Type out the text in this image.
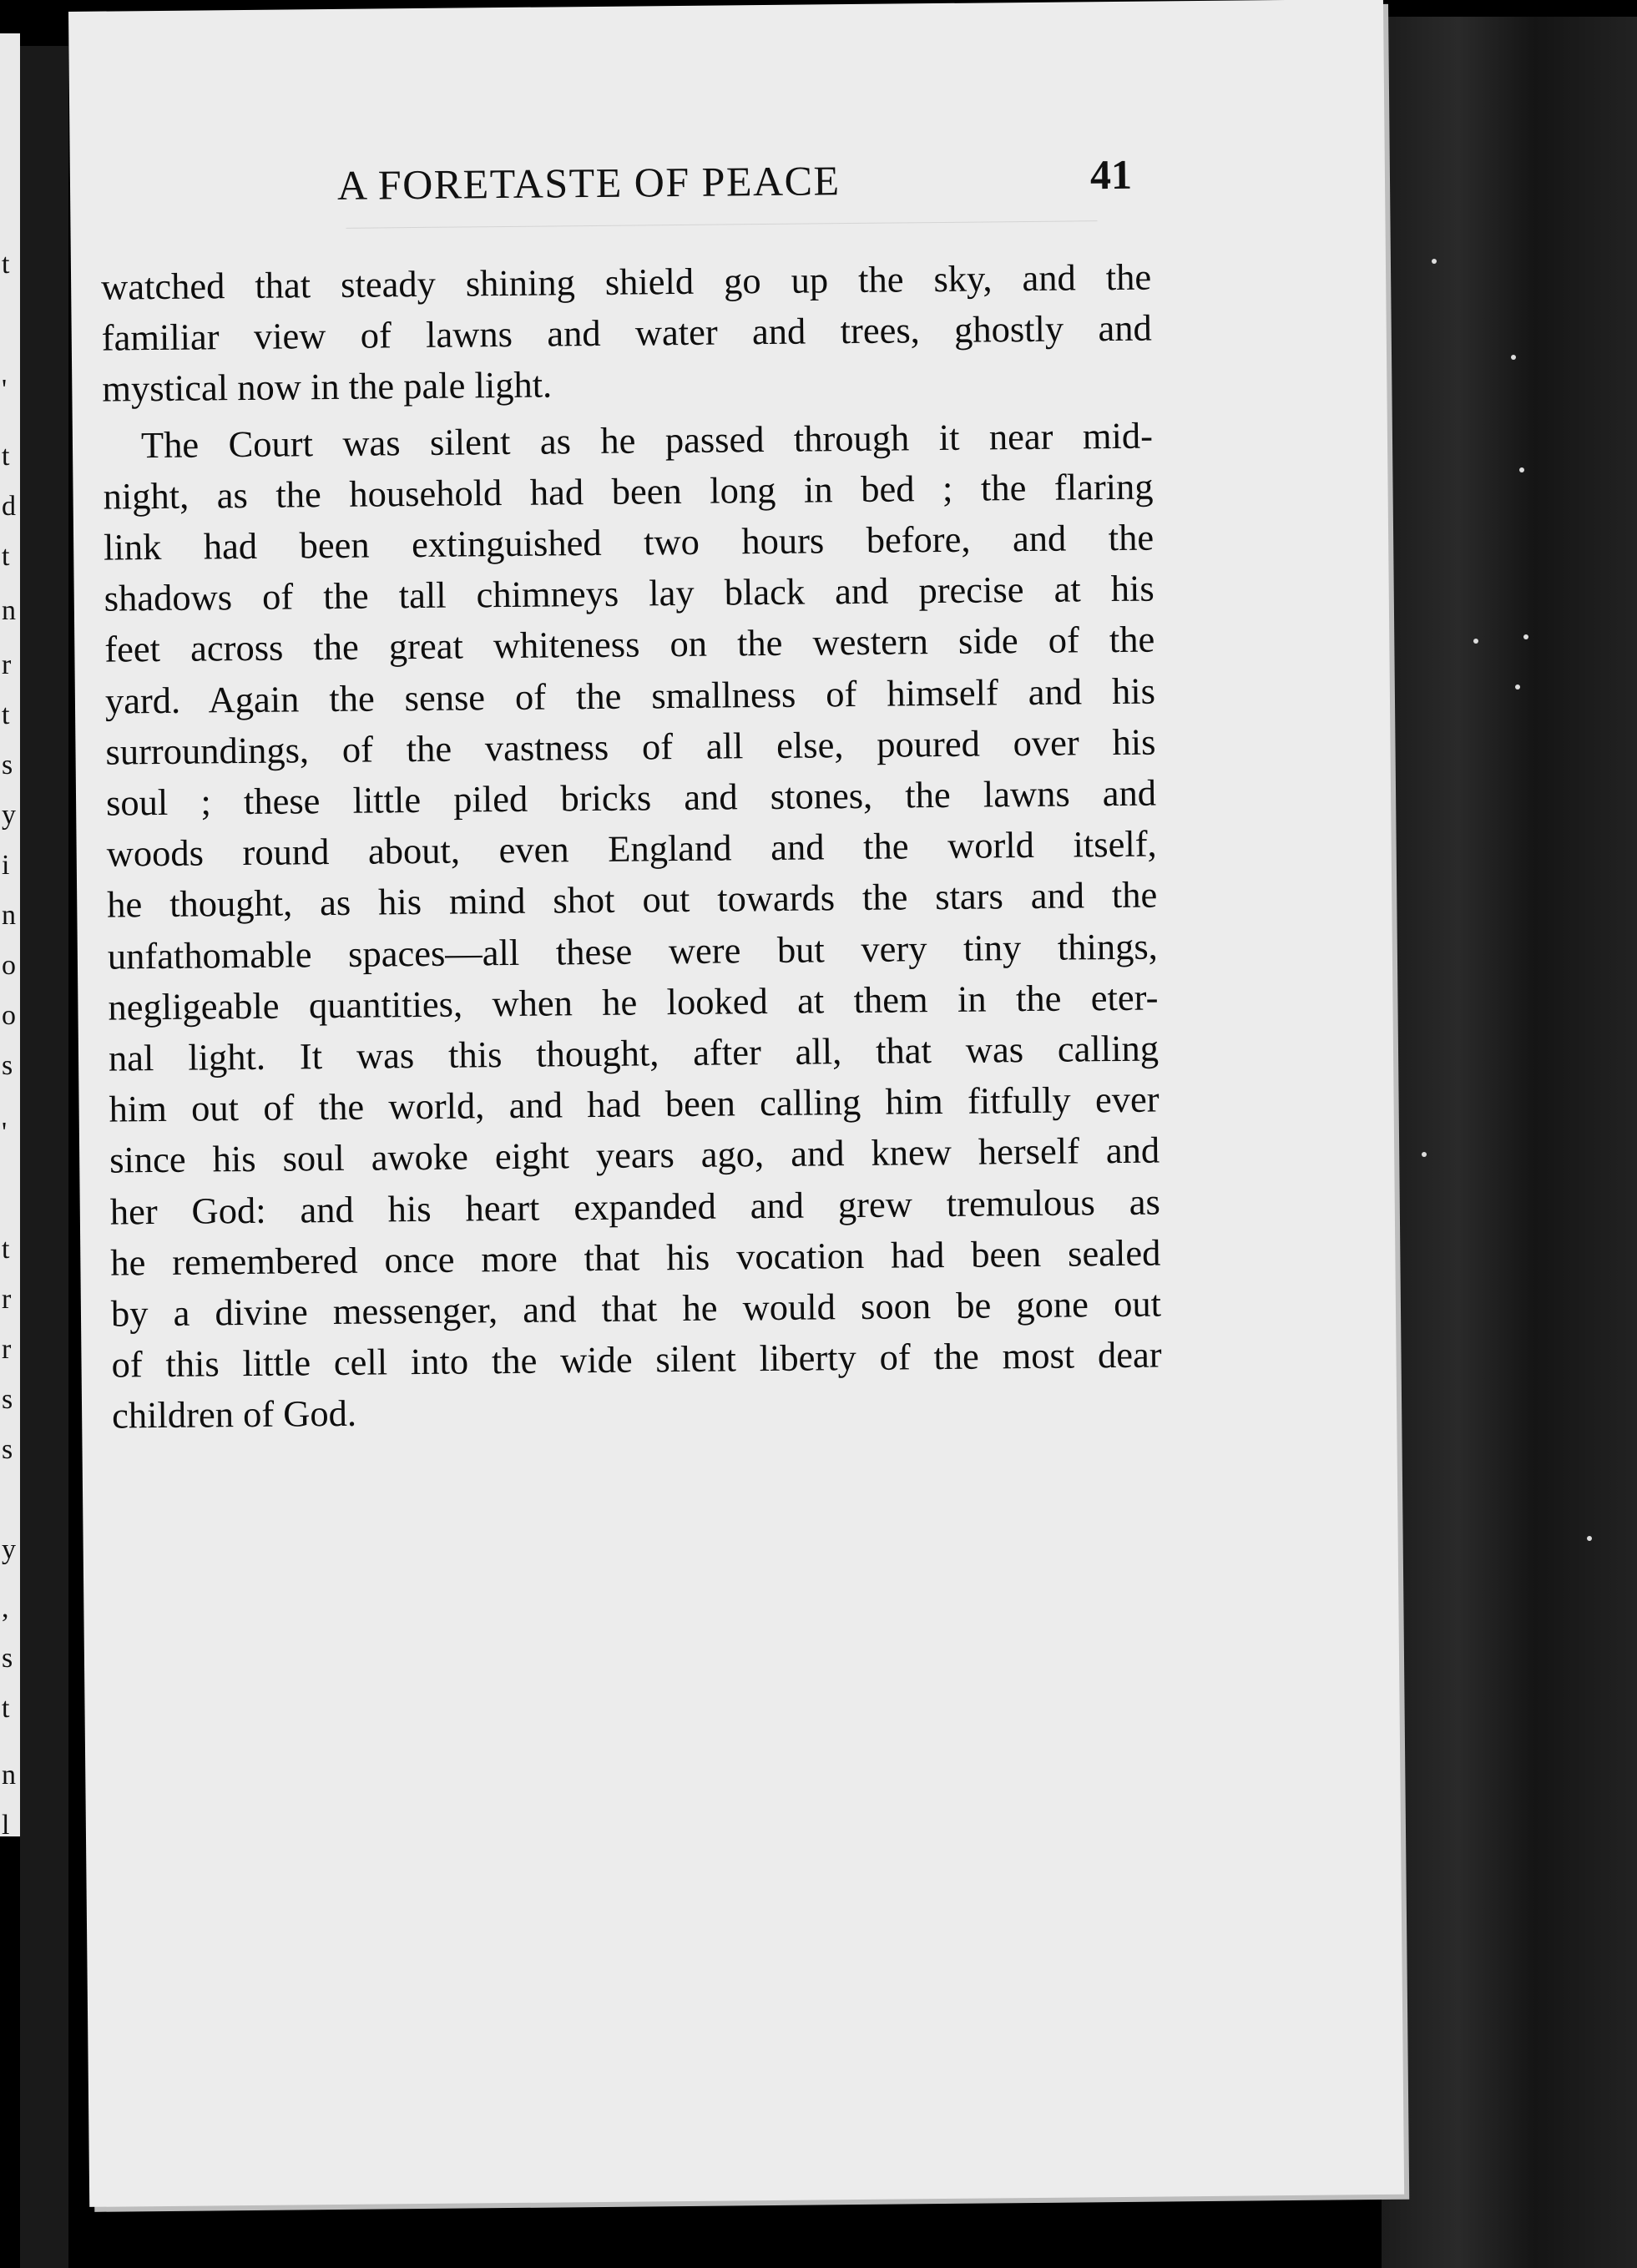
t
'
t
d
t
n
r
t
s
y
i
n
o
o
s
'
t
r
r
s
s
y
,
s
t
n
l
A FORETASTE OF PEACE	41
watched that steady shining shield go up the sky, and the
familiar view of lawns and water and trees, ghostly and
mystical now in the pale light.
The Court was silent as he passed through it near mid-
night, as the household had been long in bed ; the flaring
link had been extinguished two hours before, and the
shadows of the tall chimneys lay black and precise at his
feet across the great whiteness on the western side of the
yard. Again the sense of the smallness of himself and his
surroundings, of the vastness of all else, poured over his
soul ; these little piled bricks and stones, the lawns and
woods round about, even England and the world itself,
he thought, as his mind shot out towards the stars and the
unfathomable spaces—all these were but very tiny things,
negligeable quantities, when he looked at them in the eter-
nal light. It was this thought, after all, that was calling
him out of the world, and had been calling him fitfully ever
since his soul awoke eight years ago, and knew herself and
her God: and his heart expanded and grew tremulous as
he remembered once more that his vocation had been sealed
by a divine messenger, and that he would soon be gone out
of this little cell into the wide silent liberty of the most dear
children of God.
